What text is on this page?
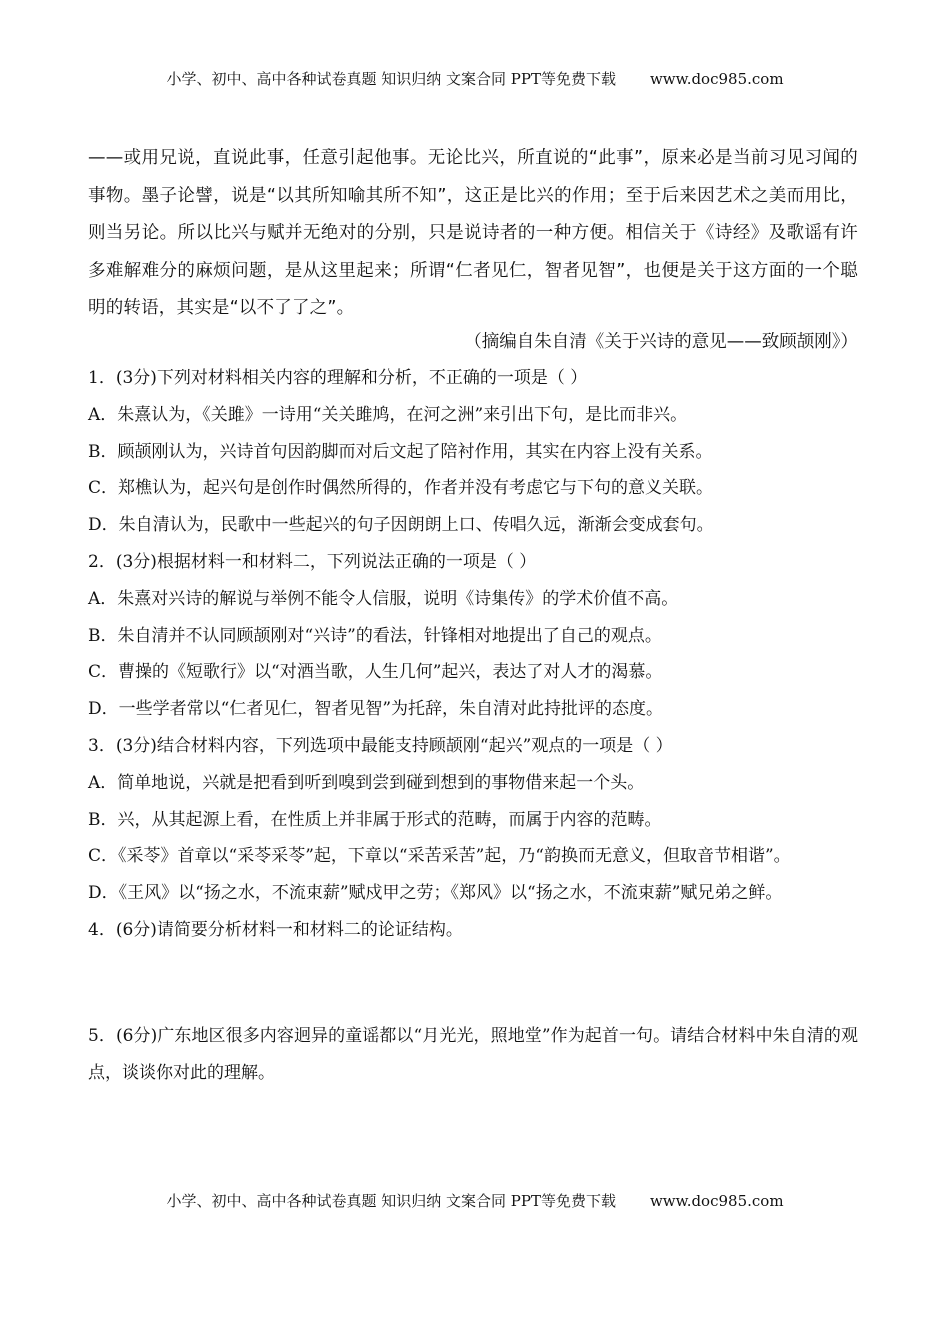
小学、初中、高中各种试卷真题 知识归纳 文案合同 PPT等免费下载 www.doc985.com

——或用兄说，直说此事，任意引起他事。无论比兴，所直说的“此事”，原来必是当前习见习闻的事物。墨子论譬，说是“以其所知喻其所不知”，这正是比兴的作用；至于后来因艺术之美而用比，则当另论。所以比兴与赋并无绝对的分别，只是说诗者的一种方便。相信关于《诗经》及歌谣有许多难解难分的麻烦问题，是从这里起来；所谓“仁者见仁，智者见智”，也便是关于这方面的一个聪明的转语，其实是“以不了了之”。

（摘编自朱自清《关于兴诗的意见——致顾颉刚》）

1．(3分)下列对材料相关内容的理解和分析，不正确的一项是（ ）

A．朱熹认为，《关雎》一诗用“关关雎鸠，在河之洲”来引出下句，是比而非兴。

B．顾颉刚认为，兴诗首句因韵脚而对后文起了陪衬作用，其实在内容上没有关系。

C．郑樵认为，起兴句是创作时偶然所得的，作者并没有考虑它与下句的意义关联。

D．朱自清认为，民歌中一些起兴的句子因朗朗上口、传唱久远，渐渐会变成套句。

2．(3分)根据材料一和材料二，下列说法正确的一项是（ ）

A．朱熹对兴诗的解说与举例不能令人信服，说明《诗集传》的学术价值不高。

B．朱自清并不认同顾颉刚对“兴诗”的看法，针锋相对地提出了自己的观点。

C．曹操的《短歌行》以“对酒当歌，人生几何”起兴，表达了对人才的渴慕。

D．一些学者常以“仁者见仁，智者见智”为托辞，朱自清对此持批评的态度。

3．(3分)结合材料内容，下列选项中最能支持顾颉刚“起兴”观点的一项是（ ）

A．简单地说，兴就是把看到听到嗅到尝到碰到想到的事物借来起一个头。

B．兴，从其起源上看，在性质上并非属于形式的范畴，而属于内容的范畴。

C．《采苓》首章以“采苓采苓”起，下章以“采苦采苦”起，乃“韵换而无意义，但取音节相谐”。

D．《王风》以“扬之水，不流束薪”赋戍甲之劳；《郑风》以“扬之水，不流束薪”赋兄弟之鲜。

4．(6分)请简要分析材料一和材料二的论证结构。

5．(6分)广东地区很多内容迥异的童谣都以“月光光，照地堂”作为起首一句。请结合材料中朱自清的观点，谈谈你对此的理解。

小学、初中、高中各种试卷真题 知识归纳 文案合同 PPT等免费下载 www.doc985.com
